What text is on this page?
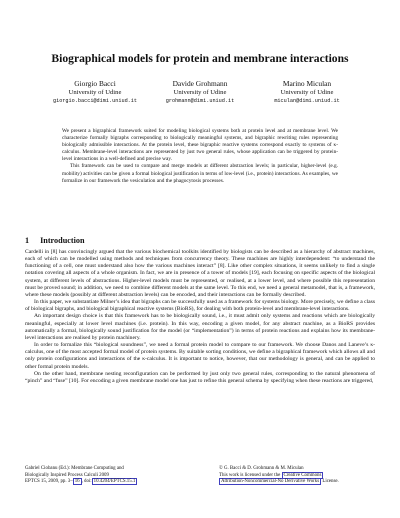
Biographical models for protein and membrane interactions
Giorgio Bacci
University of Udine
giorgio.bacci@dimi.uniud.it
Davide Grohmann
University of Udine
grohmann@dimi.uniud.it
Marino Miculan
University of Udine
miculan@dimi.uniud.it

We present a bigraphical framework suited for modeling biological systems both at protein level and at membrane level. We characterize formally bigraphs corresponding to biologically meaningful systems, and bigraphic rewriting rules representing biologically admissible interactions. At the protein level, these bigraphic reactive systems correspond exactly to systems of κ-calculus. Membrane-level interactions are represented by just two general rules, whose application can be triggered by protein-level interactions in a well-defined and precise way.

This framework can be used to compare and merge models at different abstraction levels; in particular, higher-level (e.g. mobility) activities can be given a formal biological justification in terms of low-level (i.e., protein) interactions. As examples, we formalize in our framework the vesiculation and the phagocytosis processes.

1 Introduction

Cardelli in [8] has convincingly argued that the various biochemical toolkits identified by biologists can be described as a hierarchy of abstract machines, each of which can be modelled using methods and techniques from concurrency theory. These machines are highly interdependent: “to understand the functioning of a cell, one must understand also how the various machines interact” [8]. Like other complex situations, it seems unlikely to find a single notation covering all aspects of a whole organism. In fact, we are in presence of a tower of models [19], each focusing on specific aspects of the biological system, at different levels of abstractions. Higher-level models must be represented, or realised, at a lower level, and where possible this representation must be proved sound; in addition, we need to combine different models at the same level. To this end, we need a general metamodel, that is, a framework, where these models (possibly at different abstraction levels) can be encoded, and their interactions can be formally described.

In this paper, we substantiate Milner’s idea that bigraphs can be successfully used as a framework for systems biology. More precisely, we define a class of biological bigraphs, and biological bigraphical reactive systems (BioRS), for dealing with both protein-level and membrane-level interactions.

An important design choice is that this framework has to be biologically sound, i.e., it must admit only systems and reactions which are biologically meaningful, especially at lower level machines (i.e. protein). In this way, encoding a given model, for any abstract machine, as a BioRS provides automatically a formal, biologically sound justification for the model (or “implementation”) in terms of protein reactions and explains how its membrane-level interactions are realised by protein machinery.

In order to formalize this “biological soundness”, we need a formal protein model to compare to our framework. We choose Danos and Laneve’s κ-calculus, one of the most accepted formal model of protein systems. By suitable sorting conditions, we define a bigraphical framework which allows all and only protein configurations and interactions of the κ-calculus. It is important to notice, however, that our methodology is general, and can be applied to other formal protein models.

On the other hand, membrane nesting reconfiguration can be performed by just only two general rules, corresponding to the natural phenomena of “pinch” and “fuse” [10]. For encoding a given membrane model one has just to refine this general schema by specifying when these reactions are triggered,

Gabriel Ciobanu (Ed.): Membrane Computing and
Biologically Inspired Process Calculi 2009
EPTCS 15, 2009, pp. 3– 16 , doi: 10.4204/EPTCS.15.1
© G. Bacci & D. Grohmann & M. Miculan
This work is licensed under the Creative Commons
Attribution-Noncommercial-No Derivative Works License.
